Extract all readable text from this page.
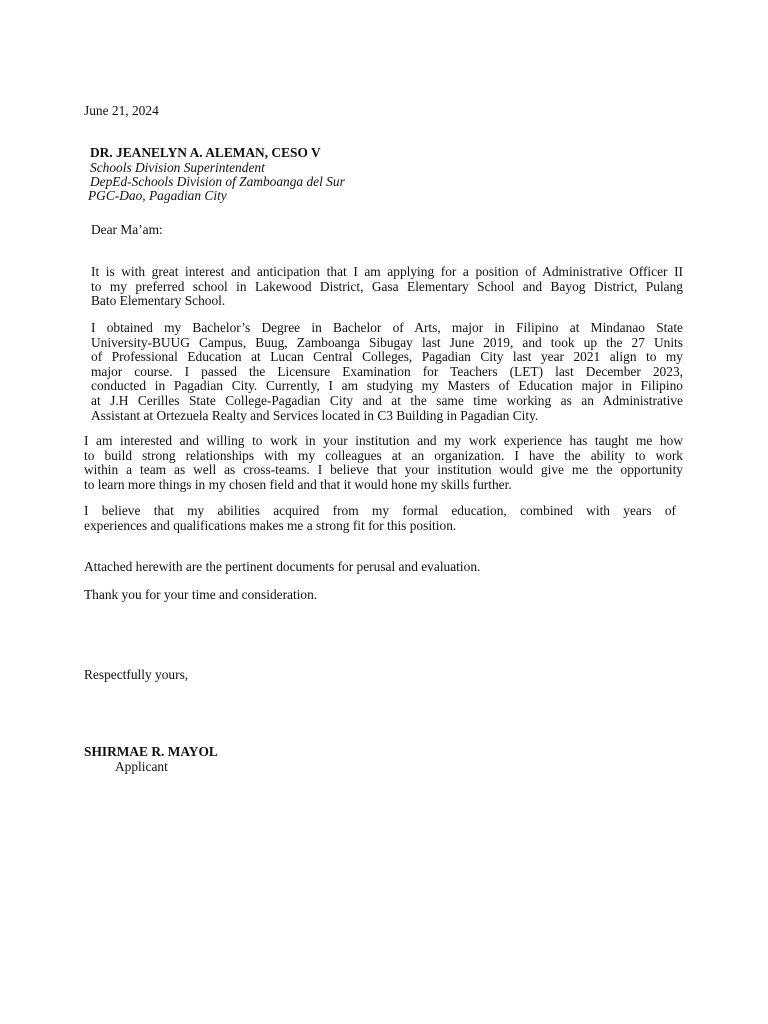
June 21, 2024
DR. JEANELYN A. ALEMAN, CESO V
Schools Division Superintendent
DepEd-Schools Division of Zamboanga del Sur
PGC-Dao, Pagadian City
Dear Ma’am:
It is with great interest and anticipation that I am applying for a position of Administrative Officer II
to my preferred school in Lakewood District, Gasa Elementary School and Bayog District, Pulang
Bato Elementary School.
I obtained my Bachelor’s Degree in Bachelor of Arts, major in Filipino at Mindanao State
University-BUUG Campus, Buug, Zamboanga Sibugay last June 2019, and took up the 27 Units
of Professional Education at Lucan Central Colleges, Pagadian City last year 2021 align to my
major course. I passed the Licensure Examination for Teachers (LET) last December 2023,
conducted in Pagadian City. Currently, I am studying my Masters of Education major in Filipino
at J.H Cerilles State College-Pagadian City and at the same time working as an Administrative
Assistant at Ortezuela Realty and Services located in C3 Building in Pagadian City.
I am interested and willing to work in your institution and my work experience has taught me how
to build strong relationships with my colleagues at an organization. I have the ability to work
within a team as well as cross-teams. I believe that your institution would give me the opportunity
to learn more things in my chosen field and that it would hone my skills further.
I believe that my abilities acquired from my formal education, combined with years of
experiences and qualifications makes me a strong fit for this position.
Attached herewith are the pertinent documents for perusal and evaluation.
Thank you for your time and consideration.
Respectfully yours,
SHIRMAE R. MAYOL
Applicant
